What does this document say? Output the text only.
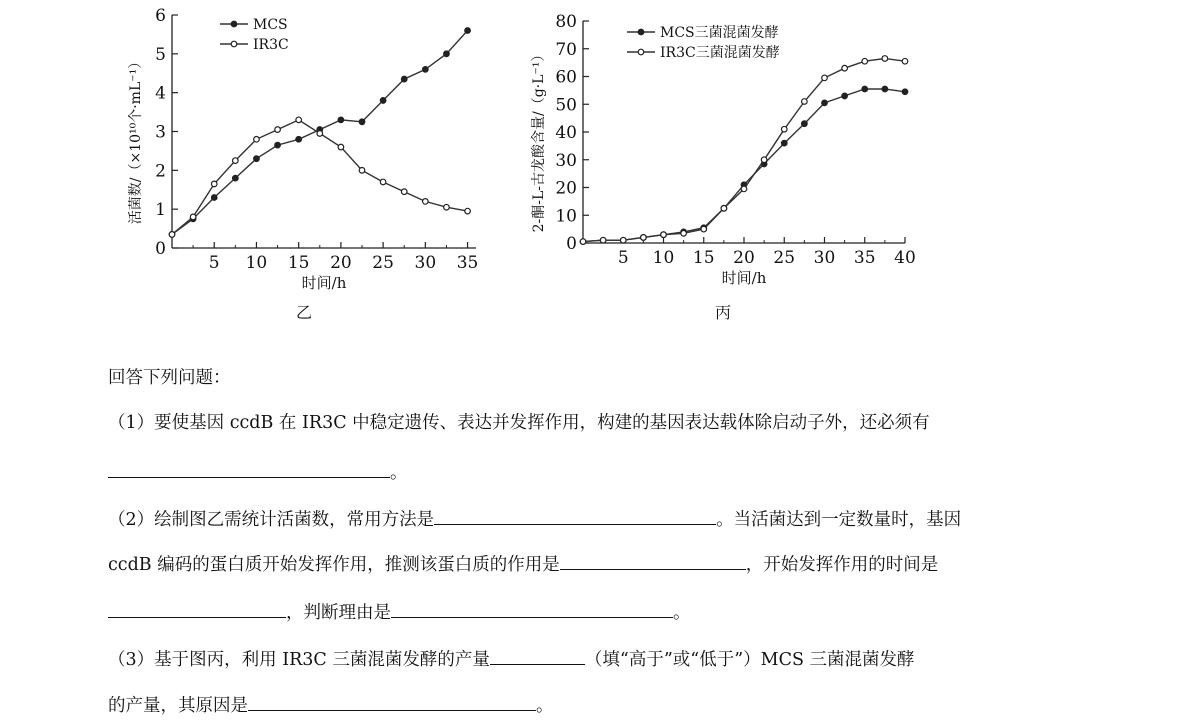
0
1
2
3
4
5
6
5 10 15 20 25 30 35
时间/h
活菌数/（×10¹⁰个·mL⁻¹）
乙
MCS
IR3C
0
10
20
30
40
50
60
70
80
5 10 15 20 25 30 35 40
时间/h
2-酮-L-古龙酸含量/（g·L⁻¹）
丙
MCS三菌混菌发酵
IR3C三菌混菌发酵
回答下列问题：
（1）要使基因 ccdB 在 IR3C 中稳定遗传、表达并发挥作用，构建的基因表达载体除启动子外，还必须有
。
（2）绘制图乙需统计活菌数，常用方法是	。当活菌达到一定数量时，基因
ccdB 编码的蛋白质开始发挥作用，推测该蛋白质的作用是	，开始发挥作用的时间是
，判断理由是	。
（3）基于图丙，利用 IR3C 三菌混菌发酵的产量	（填“高于”或“低于”）MCS 三菌混菌发酵
的产量，其原因是	。
